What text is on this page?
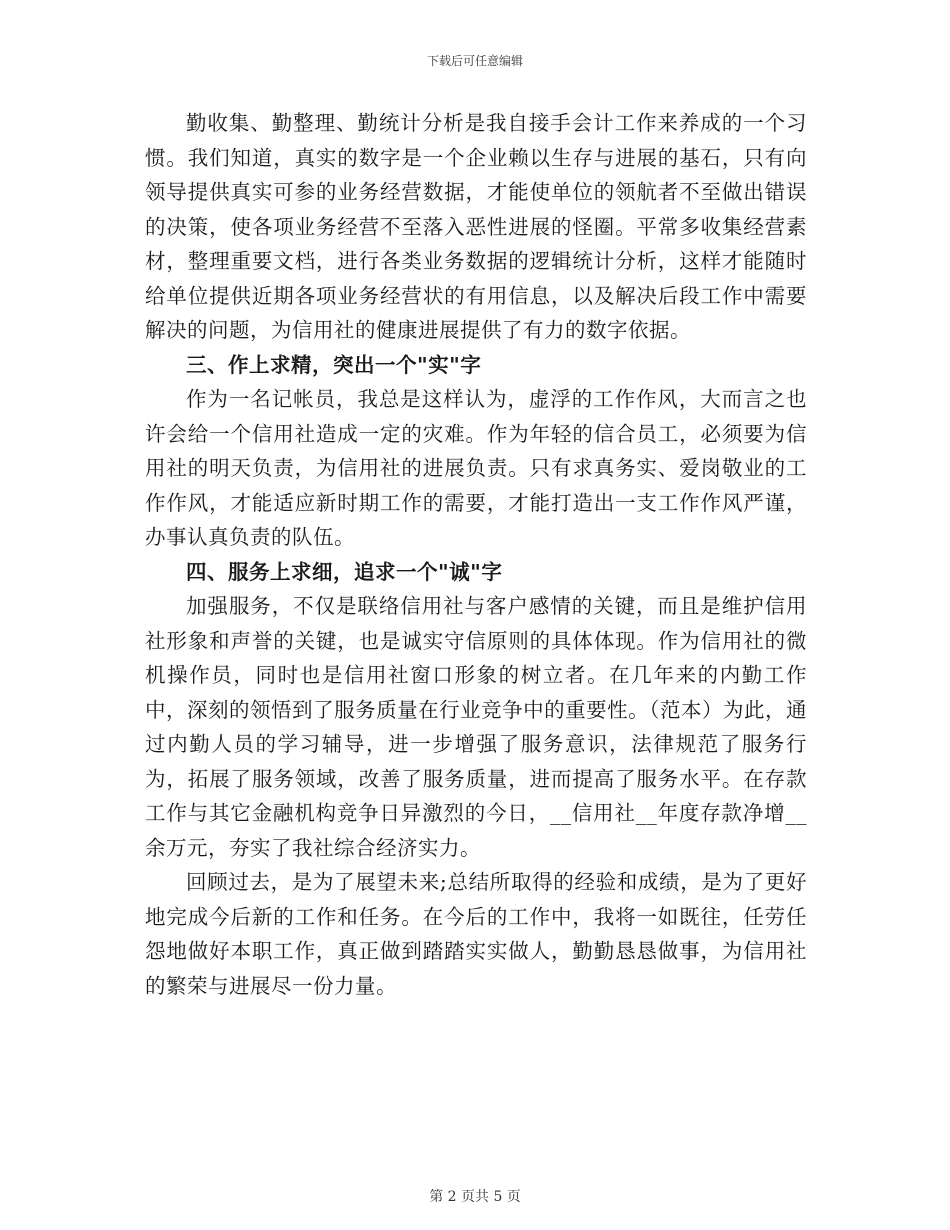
下载后可任意编辑

勤收集、勤整理、勤统计分析是我自接手会计工作来养成的一个习惯。我们知道，真实的数字是一个企业赖以生存与进展的基石，只有向领导提供真实可参的业务经营数据，才能使单位的领航者不至做出错误的决策，使各项业务经营不至落入恶性进展的怪圈。平常多收集经营素材，整理重要文档，进行各类业务数据的逻辑统计分析，这样才能随时给单位提供近期各项业务经营状的有用信息，以及解决后段工作中需要解决的问题，为信用社的健康进展提供了有力的数字依据。

三、作上求精，突出一个"实"字

作为一名记帐员，我总是这样认为，虚浮的工作作风，大而言之也许会给一个信用社造成一定的灾难。作为年轻的信合员工，必须要为信用社的明天负责，为信用社的进展负责。只有求真务实、爱岗敬业的工作作风，才能适应新时期工作的需要，才能打造出一支工作作风严谨，办事认真负责的队伍。

四、服务上求细，追求一个"诚"字

加强服务，不仅是联络信用社与客户感情的关键，而且是维护信用社形象和声誉的关键，也是诚实守信原则的具体体现。作为信用社的微机操作员，同时也是信用社窗口形象的树立者。在几年来的内勤工作中，深刻的领悟到了服务质量在行业竞争中的重要性。（范本）为此，通过内勤人员的学习辅导，进一步增强了服务意识，法律规范了服务行为，拓展了服务领域，改善了服务质量，进而提高了服务水平。在存款工作与其它金融机构竞争日异激烈的今日，__信用社__年度存款净增__余万元，夯实了我社综合经济实力。

回顾过去，是为了展望未来;总结所取得的经验和成绩，是为了更好地完成今后新的工作和任务。在今后的工作中，我将一如既往，任劳任怨地做好本职工作，真正做到踏踏实实做人，勤勤恳恳做事，为信用社的繁荣与进展尽一份力量。

第 2 页共 5 页
